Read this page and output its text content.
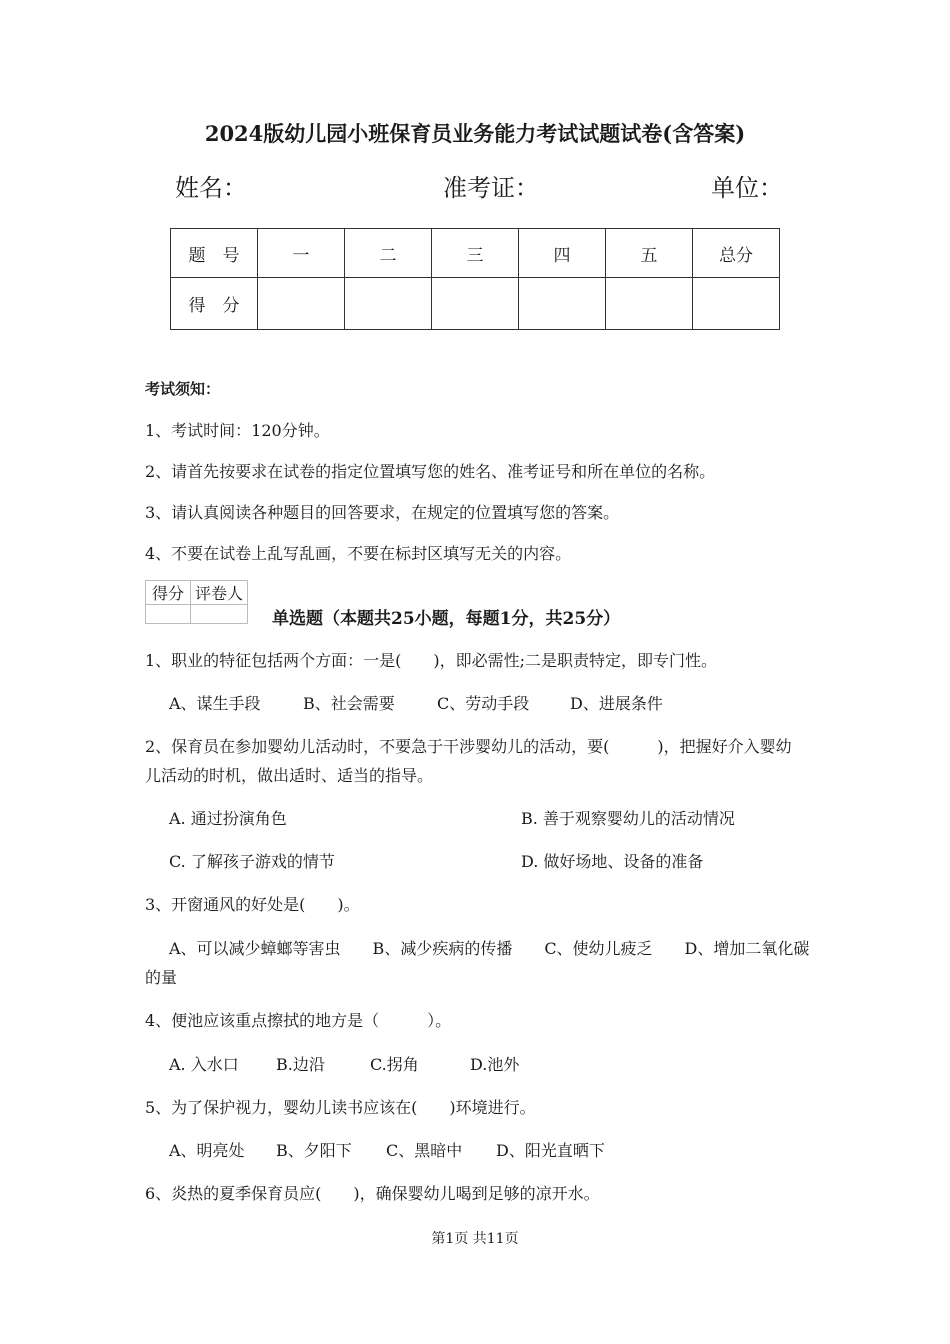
2024版幼儿园小班保育员业务能力考试试题试卷(含答案)
姓名：	准考证：	单位：
题　号	一	二	三	四	五	总分
得　分						
考试须知：
1、考试时间：120分钟。
2、请首先按要求在试卷的指定位置填写您的姓名、准考证号和所在单位的名称。
3、请认真阅读各种题目的回答要求，在规定的位置填写您的答案。
4、不要在试卷上乱写乱画，不要在标封区填写无关的内容。
得分	评卷人

单选题（本题共25小题，每题1分，共25分）
1、职业的特征包括两个方面：一是(　　)，即必需性;二是职责特定，即专门性。
A、谋生手段	B、社会需要	C、劳动手段	D、进展条件
2、保育员在参加婴幼儿活动时，不要急于干涉婴幼儿的活动，要(　　　)，把握好介入婴幼
儿活动的时机，做出适时、适当的指导。
A. 通过扮演角色	B. 善于观察婴幼儿的活动情况
C. 了解孩子游戏的情节	D. 做好场地、设备的准备
3、开窗通风的好处是(　　)。
A、可以减少蟑螂等害虫　　B、减少疾病的传播　　C、使幼儿疲乏　　D、增加二氧化碳
的量
4、便池应该重点擦拭的地方是（　　　）。
A. 入水口 B.边沿	C.拐角	D.池外
5、为了保护视力，婴幼儿读书应该在(　　)环境进行。
A、明亮处 B、夕阳下 C、黑暗中 D、阳光直晒下
6、炎热的夏季保育员应(　　)，确保婴幼儿喝到足够的凉开水。
第1页 共11页
